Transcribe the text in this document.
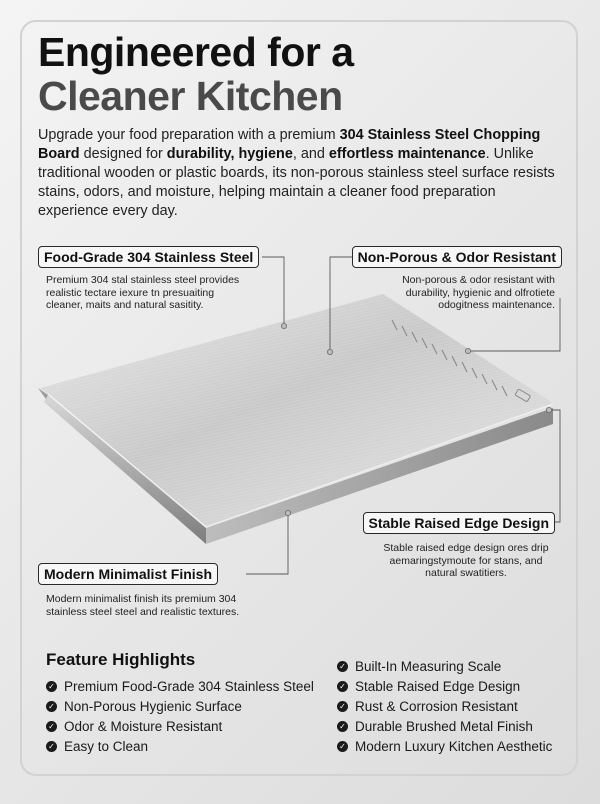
Engineered for a
Cleaner Kitchen

Upgrade your food preparation with a premium 304 Stainless Steel Chopping Board designed for durability, hygiene, and effortless maintenance. Unlike traditional wooden or plastic boards, its non-porous stainless steel surface resists stains, odors, and moisture, helping maintain a cleaner food preparation experience every day.

Food-Grade 304 Stainless Steel

Premium 304 stal stainless steel provides
realistic tectare iexure tn presuaiting
cleaner, maits and natural sasitity.

Non-Porous & Odor Resistant

Non-porous & odor resistant with
durability, hygienic and olfrotiete
odogitness maintenance.

Stable Raised Edge Design

Stable raised edge design ores drip
aemaringstymoute for stans, and
natural swatitiers.

Modern Minimalist Finish

Modern minimalist finish its premium 304
stainless steel steel and realistic textures.

Feature Highlights
✓ Premium Food-Grade 304 Stainless Steel
✓ Non-Porous Hygienic Surface
✓ Odor & Moisture Resistant
✓ Easy to Clean
✓ Built-In Measuring Scale
✓ Stable Raised Edge Design
✓ Rust & Corrosion Resistant
✓ Durable Brushed Metal Finish
✓ Modern Luxury Kitchen Aesthetic
